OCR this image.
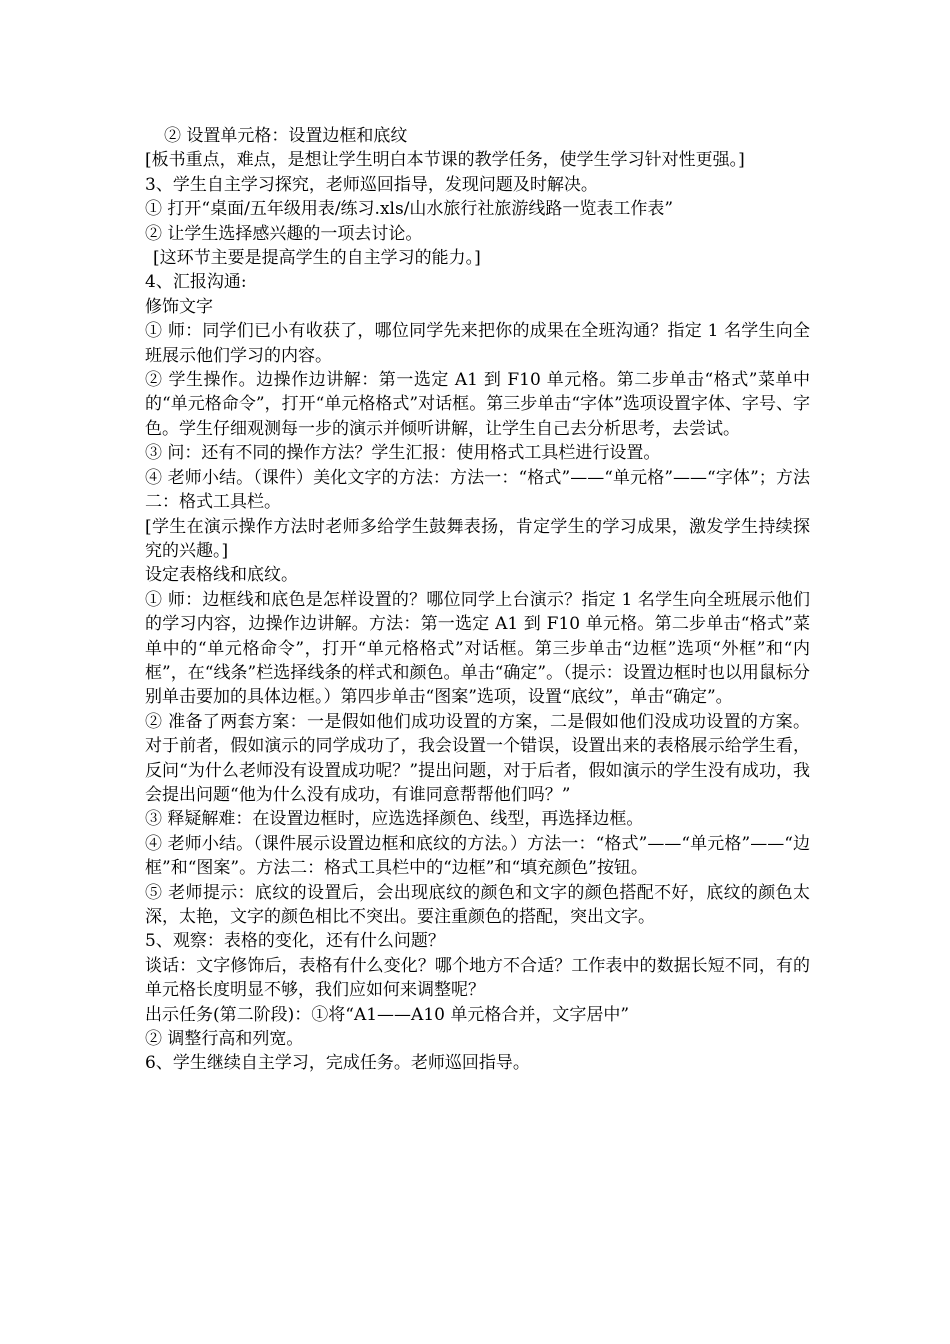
② 设置单元格：设置边框和底纹

[板书重点，难点，是想让学生明白本节课的教学任务，使学生学习针对性更强。]

3、学生自主学习探究，老师巡回指导，发现问题及时解决。

① 打开“桌面/五年级用表/练习.xls/山水旅行社旅游线路一览表工作表”

② 让学生选择感兴趣的一项去讨论。

[这环节主要是提高学生的自主学习的能力。]

4、汇报沟通:

修饰文字

① 师：同学们已小有收获了，哪位同学先来把你的成果在全班沟通？指定 1 名学生向全班展示他们学习的内容。

② 学生操作。边操作边讲解：第一选定 A1 到 F10 单元格。第二步单击“格式”菜单中的“单元格命令”，打开“单元格格式”对话框。第三步单击“字体”选项设置字体、字号、字色。学生仔细观测每一步的演示并倾听讲解，让学生自己去分析思考，去尝试。

③ 问：还有不同的操作方法？学生汇报：使用格式工具栏进行设置。

④ 老师小结。（课件）美化文字的方法：方法一：“格式”——“单元格”——“字体”；方法二：格式工具栏。

[学生在演示操作方法时老师多给学生鼓舞表扬，肯定学生的学习成果，激发学生持续探究的兴趣。]

设定表格线和底纹。

① 师：边框线和底色是怎样设置的？哪位同学上台演示？指定 1 名学生向全班展示他们的学习内容，边操作边讲解。方法：第一选定 A1 到 F10 单元格。第二步单击“格式”菜单中的“单元格命令”，打开“单元格格式”对话框。第三步单击“边框”选项“外框”和“内框”，在“线条”栏选择线条的样式和颜色。单击“确定”。（提示：设置边框时也以用鼠标分别单击要加的具体边框。）第四步单击“图案”选项，设置“底纹”，单击“确定”。

② 准备了两套方案：一是假如他们成功设置的方案，二是假如他们没成功设置的方案。对于前者，假如演示的同学成功了，我会设置一个错误，设置出来的表格展示给学生看，反问“为什么老师没有设置成功呢？”提出问题，对于后者，假如演示的学生没有成功，我会提出问题“他为什么没有成功，有谁同意帮帮他们吗？”

③ 释疑解难：在设置边框时，应选选择颜色、线型，再选择边框。

④ 老师小结。（课件展示设置边框和底纹的方法。）方法一：“格式”——“单元格”——“边框”和“图案”。方法二：格式工具栏中的“边框”和“填充颜色”按钮。

⑤ 老师提示：底纹的设置后，会出现底纹的颜色和文字的颜色搭配不好，底纹的颜色太深，太艳，文字的颜色相比不突出。要注重颜色的搭配，突出文字。

5、观察：表格的变化，还有什么问题？

谈话：文字修饰后，表格有什么变化？哪个地方不合适？工作表中的数据长短不同，有的单元格长度明显不够，我们应如何来调整呢？

出示任务(第二阶段)：①将“A1——A10 单元格合并，文字居中”

② 调整行高和列宽。

6、学生继续自主学习，完成任务。老师巡回指导。
